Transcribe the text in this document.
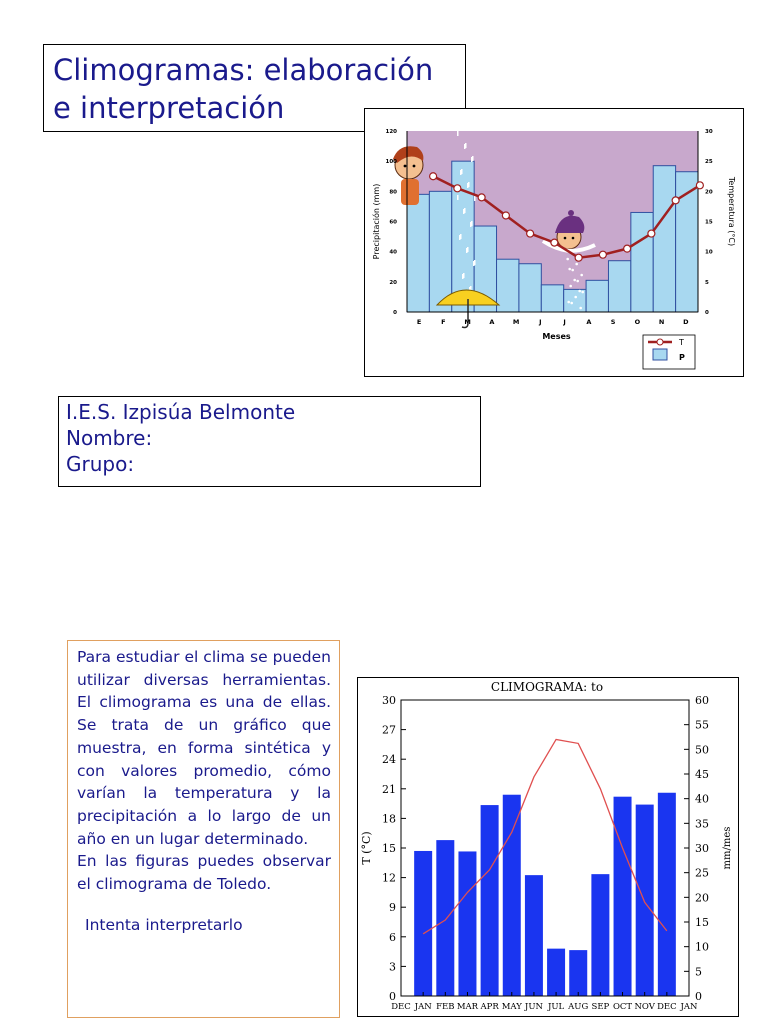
Climogramas: elaboración
e interpretación
0
20
40
60
80
100
120
0
5
10
15
20
25
30
E	F	M	A	M	J	J	A	S	O	N	D
Meses
Precipitación (mm)	Temperatura (°C)
T
P
I.E.S. Izpisúa Belmonte
Nombre:
Grupo:

Para estudiar el clima se pueden utilizar diversas herramientas. El climograma es una de ellas. Se trata de un gráfico que muestra, en forma sintética y con valores promedio, cómo varían la temperatura y la precipitación a lo largo de un año en un lugar determinado.

En las figuras puedes observar el climograma de Toledo.

Intenta interpretarlo
CLIMOGRAMA: to
0
3
6
9
12
15
18
21
24
27
30
0
5
10
15
20
25
30
35
40
45
50
55
60
DEC JAN FEB MAR APR MAY JUN JUL AUG SEP OCT NOV DEC JAN
T (°C)	mm/mes
